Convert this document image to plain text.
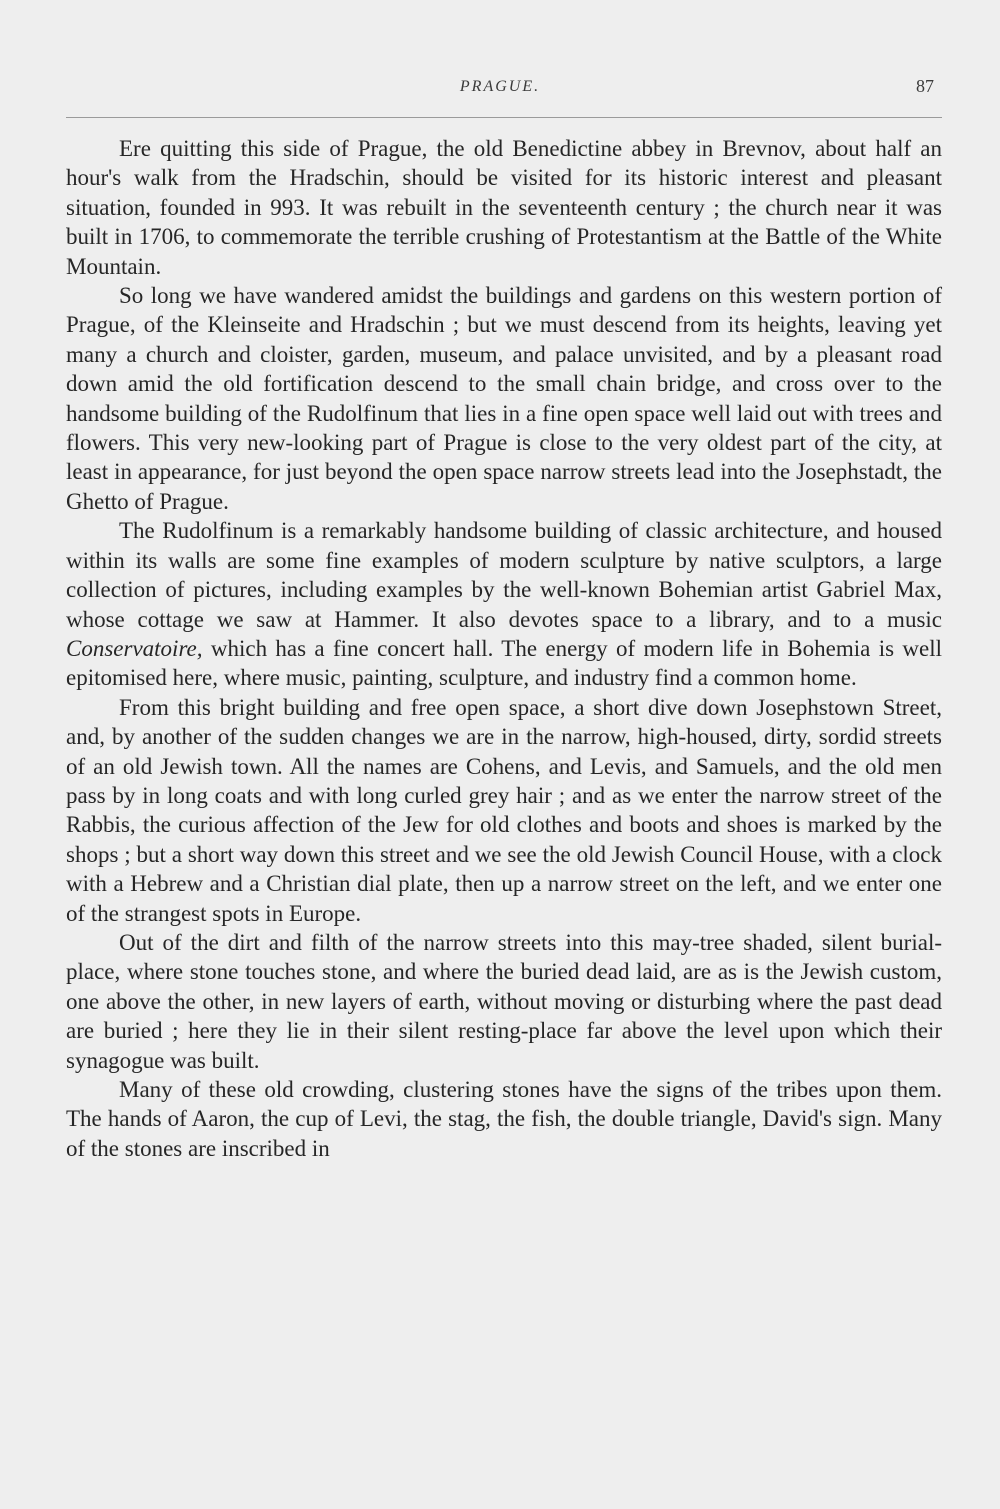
PRAGUE.	87

Ere quitting this side of Prague, the old Benedictine abbey in Brevnov, about half an hour's walk from the Hradschin, should be visited for its historic interest and pleasant situation, founded in 993. It was rebuilt in the seventeenth century ; the church near it was built in 1706, to commemorate the terrible crushing of Protestantism at the Battle of the White Mountain.

So long we have wandered amidst the buildings and gardens on this western portion of Prague, of the Kleinseite and Hradschin ; but we must descend from its heights, leaving yet many a church and cloister, garden, museum, and palace unvisited, and by a pleasant road down amid the old fortification descend to the small chain bridge, and cross over to the handsome building of the Rudolfinum that lies in a fine open space well laid out with trees and flowers. This very new-looking part of Prague is close to the very oldest part of the city, at least in appearance, for just beyond the open space narrow streets lead into the Josephstadt, the Ghetto of Prague.

The Rudolfinum is a remarkably handsome building of classic architecture, and housed within its walls are some fine examples of modern sculpture by native sculptors, a large collection of pictures, including examples by the well-known Bohemian artist Gabriel Max, whose cottage we saw at Hammer. It also devotes space to a library, and to a music Conservatoire, which has a fine concert hall. The energy of modern life in Bohemia is well epitomised here, where music, painting, sculpture, and industry find a common home.

From this bright building and free open space, a short dive down Josephstown Street, and, by another of the sudden changes we are in the narrow, high-housed, dirty, sordid streets of an old Jewish town. All the names are Cohens, and Levis, and Samuels, and the old men pass by in long coats and with long curled grey hair ; and as we enter the narrow street of the Rabbis, the curious affection of the Jew for old clothes and boots and shoes is marked by the shops ; but a short way down this street and we see the old Jewish Council House, with a clock with a Hebrew and a Christian dial plate, then up a narrow street on the left, and we enter one of the strangest spots in Europe.

Out of the dirt and filth of the narrow streets into this may-tree shaded, silent burial-place, where stone touches stone, and where the buried dead laid, are as is the Jewish custom, one above the other, in new layers of earth, without moving or disturbing where the past dead are buried ; here they lie in their silent resting-place far above the level upon which their synagogue was built.

Many of these old crowding, clustering stones have the signs of the tribes upon them. The hands of Aaron, the cup of Levi, the stag, the fish, the double triangle, David's sign. Many of the stones are inscribed in
